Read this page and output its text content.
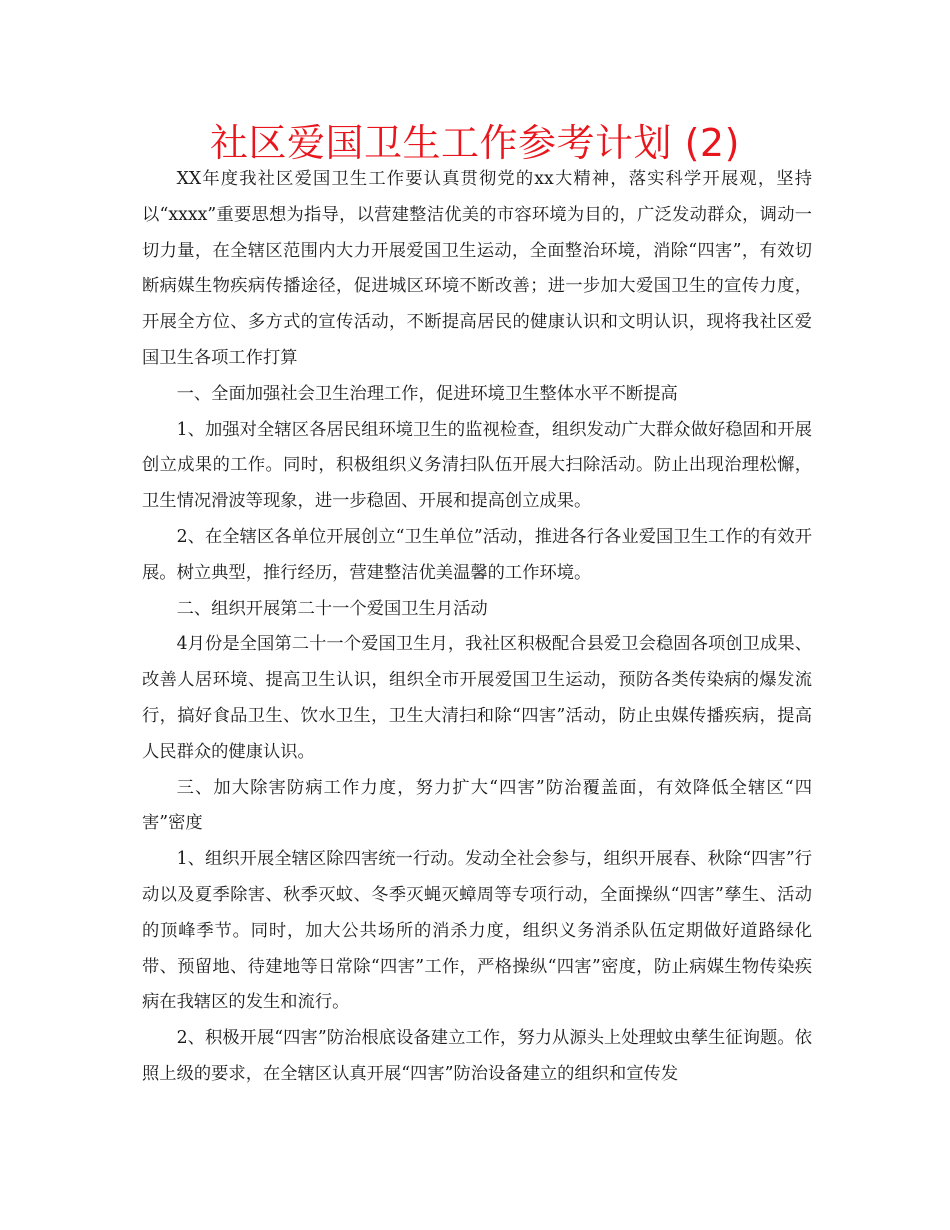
社区爱国卫生工作参考计划 (2)

XX年度我社区爱国卫生工作要认真贯彻党的xx大精神，落实科学开展观，坚持以“xxxx”重要思想为指导，以营建整洁优美的市容环境为目的，广泛发动群众，调动一切力量，在全辖区范围内大力开展爱国卫生运动，全面整治环境，消除“四害”，有效切断病媒生物疾病传播途径，促进城区环境不断改善；进一步加大爱国卫生的宣传力度，开展全方位、多方式的宣传活动，不断提高居民的健康认识和文明认识，现将我社区爱国卫生各项工作打算

一、全面加强社会卫生治理工作，促进环境卫生整体水平不断提高

1、加强对全辖区各居民组环境卫生的监视检查，组织发动广大群众做好稳固和开展创立成果的工作。同时，积极组织义务清扫队伍开展大扫除活动。防止出现治理松懈，卫生情况滑波等现象，进一步稳固、开展和提高创立成果。

2、在全辖区各单位开展创立“卫生单位”活动，推进各行各业爱国卫生工作的有效开展。树立典型，推行经历，营建整洁优美温馨的工作环境。

二、组织开展第二十一个爱国卫生月活动

4月份是全国第二十一个爱国卫生月，我社区积极配合县爱卫会稳固各项创卫成果、改善人居环境、提高卫生认识，组织全市开展爱国卫生运动，预防各类传染病的爆发流行，搞好食品卫生、饮水卫生，卫生大清扫和除“四害”活动，防止虫媒传播疾病，提高人民群众的健康认识。

三、加大除害防病工作力度，努力扩大“四害”防治覆盖面，有效降低全辖区“四害”密度

1、组织开展全辖区除四害统一行动。发动全社会参与，组织开展春、秋除“四害”行动以及夏季除害、秋季灭蚊、冬季灭蝇灭蟑周等专项行动，全面操纵“四害”孳生、活动的顶峰季节。同时，加大公共场所的消杀力度，组织义务消杀队伍定期做好道路绿化带、预留地、待建地等日常除“四害”工作，严格操纵“四害”密度，防止病媒生物传染疾病在我辖区的发生和流行。

2、积极开展“四害”防治根底设备建立工作，努力从源头上处理蚊虫孳生征询题。依照上级的要求，在全辖区认真开展“四害”防治设备建立的组织和宣传发
